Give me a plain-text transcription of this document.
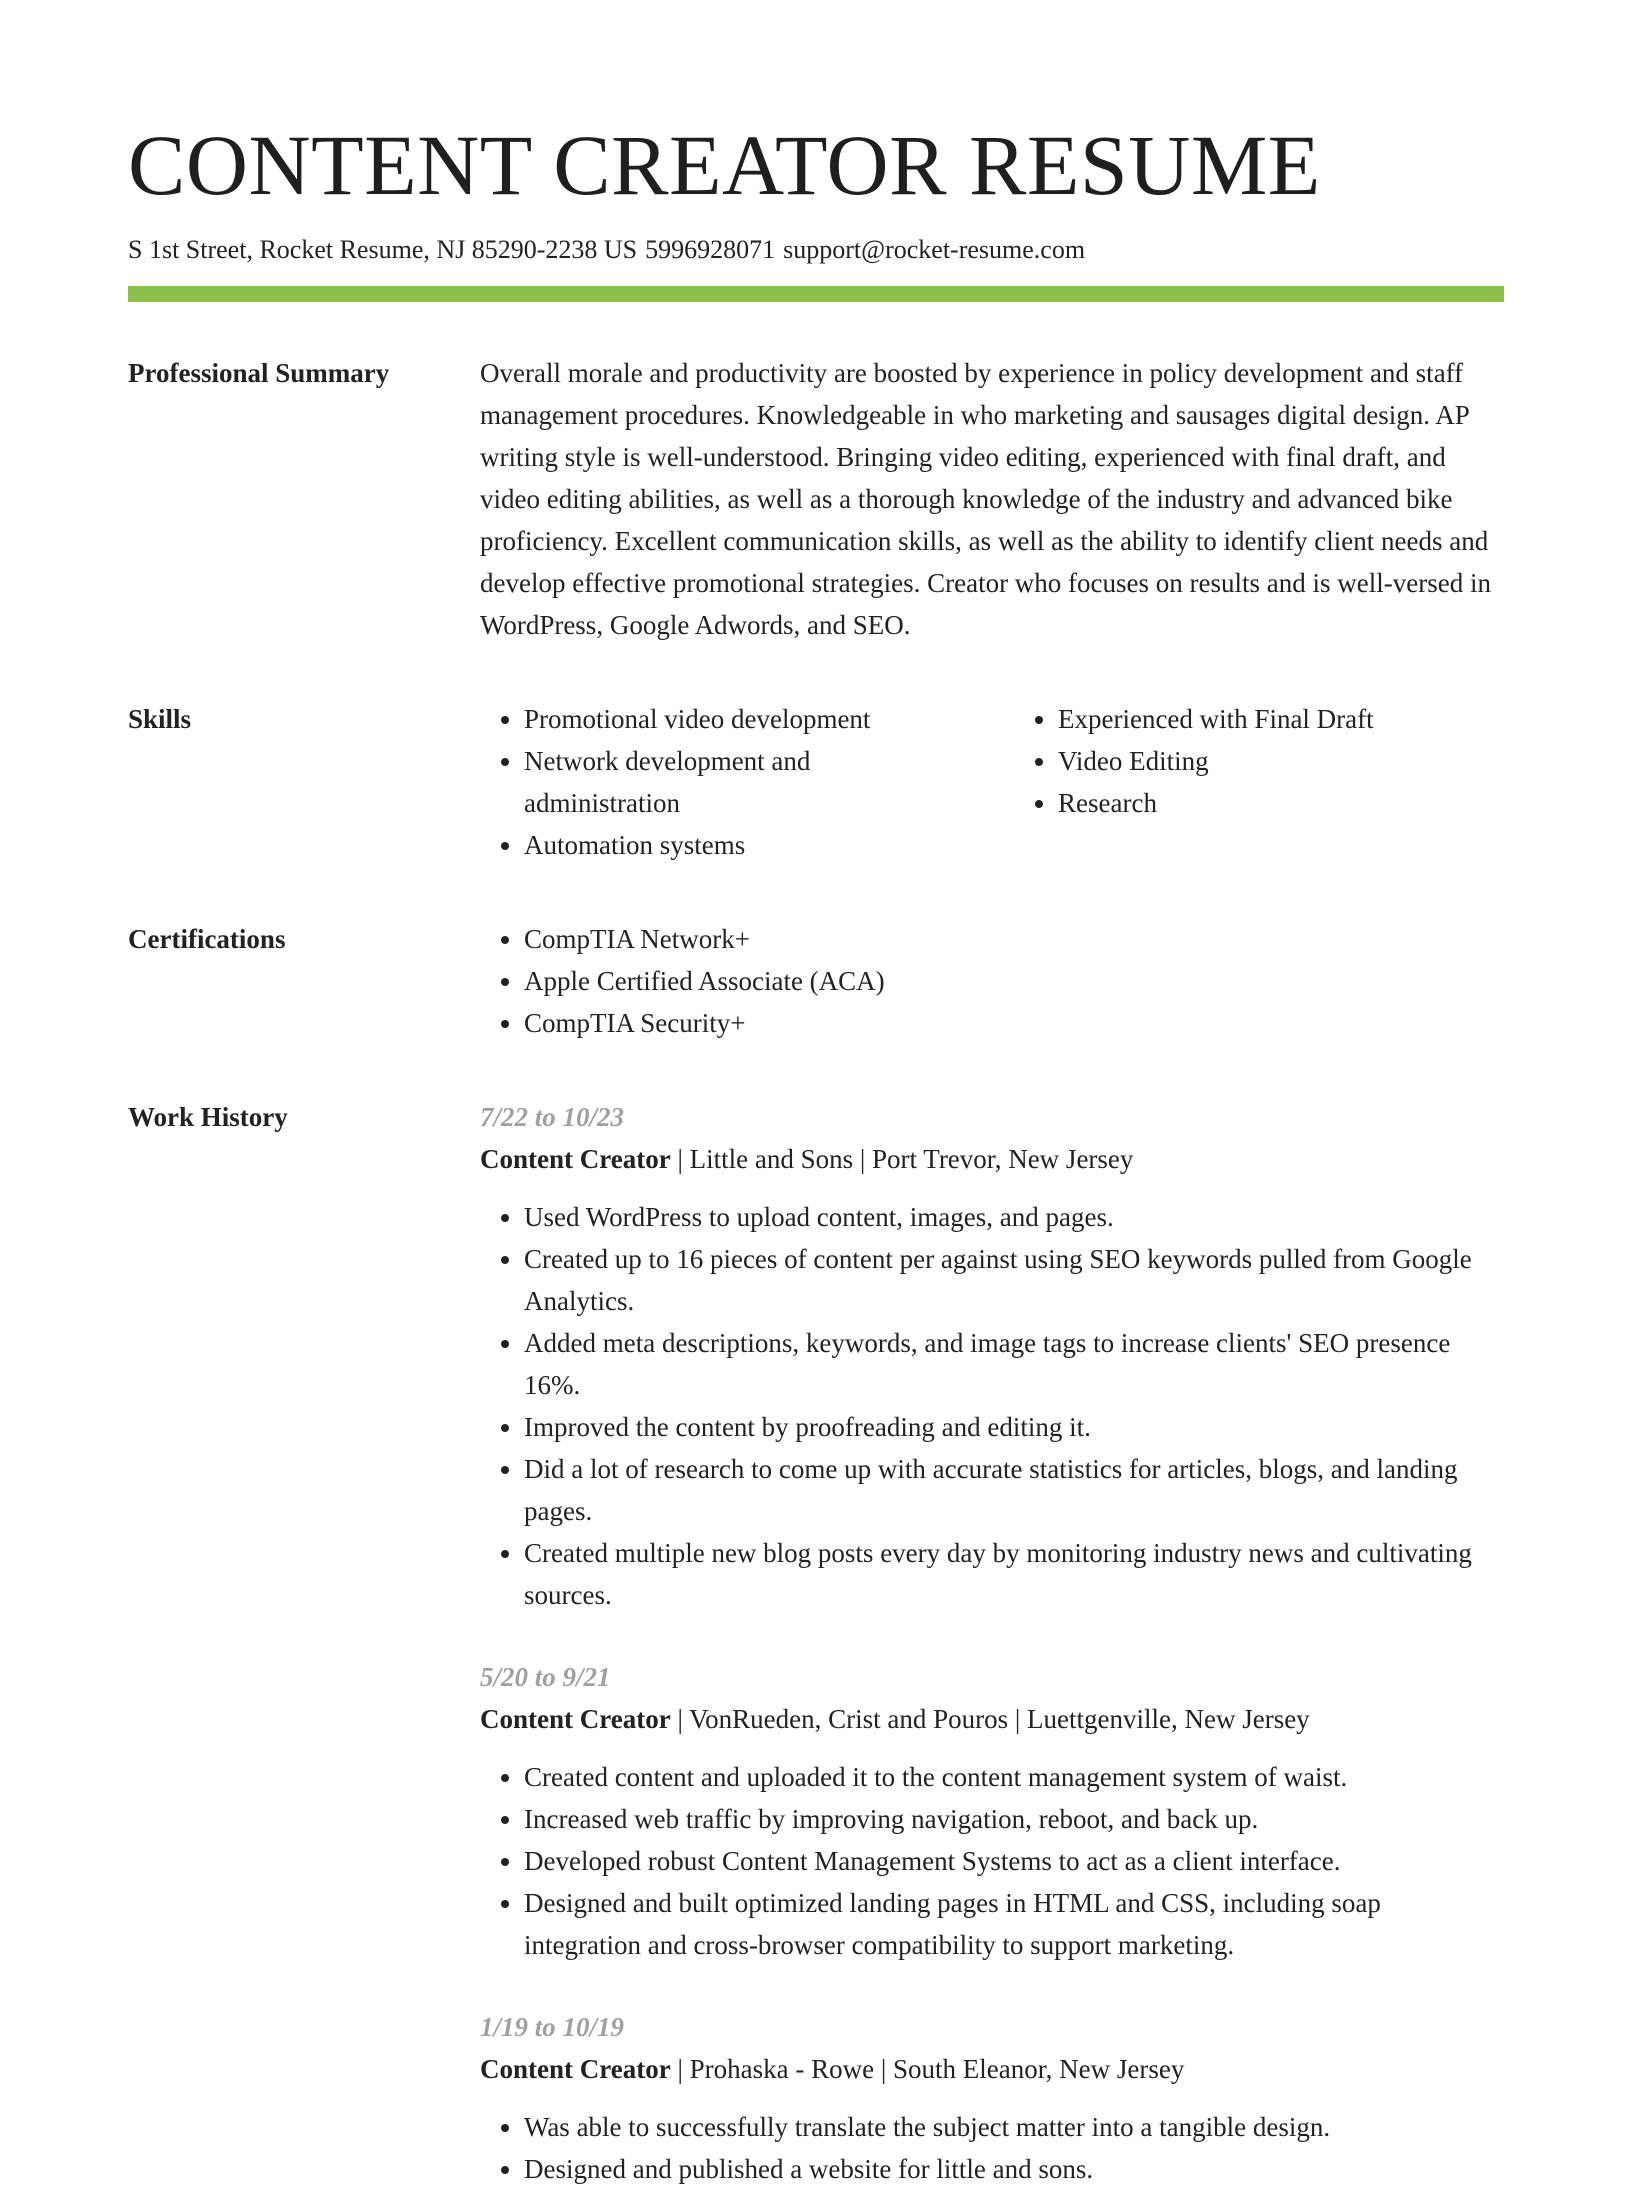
CONTENT CREATOR RESUME
S 1st Street, Rocket Resume, NJ 85290-2238 US 5996928071 support@rocket-resume.com
Professional Summary	Overall morale and productivity are boosted by experience in policy development and staff management procedures. Knowledgeable in who marketing and sausages digital design. AP writing style is well-understood. Bringing video editing, experienced with final draft, and video editing abilities, as well as a thorough knowledge of the industry and advanced bike proficiency. Excellent communication skills, as well as the ability to identify client needs and develop effective promotional strategies. Creator who focuses on results and is well-versed in WordPress, Google Adwords, and SEO.

Skills	• Promotional video development
• Network development and administration
• Automation systems
• Experienced with Final Draft
• Video Editing
• Research
Certifications	• CompTIA Network+
• Apple Certified Associate (ACA)
• CompTIA Security+
Work History	7/22 to 10/23
Content Creator | Little and Sons | Port Trevor, New Jersey
• Used WordPress to upload content, images, and pages.
• Created up to 16 pieces of content per against using SEO keywords pulled from Google Analytics.
• Added meta descriptions, keywords, and image tags to increase clients' SEO presence 16%.
• Improved the content by proofreading and editing it.
• Did a lot of research to come up with accurate statistics for articles, blogs, and landing pages.
• Created multiple new blog posts every day by monitoring industry news and cultivating sources.
5/20 to 9/21
Content Creator | VonRueden, Crist and Pouros | Luettgenville, New Jersey
• Created content and uploaded it to the content management system of waist.
• Increased web traffic by improving navigation, reboot, and back up.
• Developed robust Content Management Systems to act as a client interface.
• Designed and built optimized landing pages in HTML and CSS, including soap integration and cross-browser compatibility to support marketing.
1/19 to 10/19
Content Creator | Prohaska - Rowe | South Eleanor, New Jersey
• Was able to successfully translate the subject matter into a tangible design.
• Designed and published a website for little and sons.
